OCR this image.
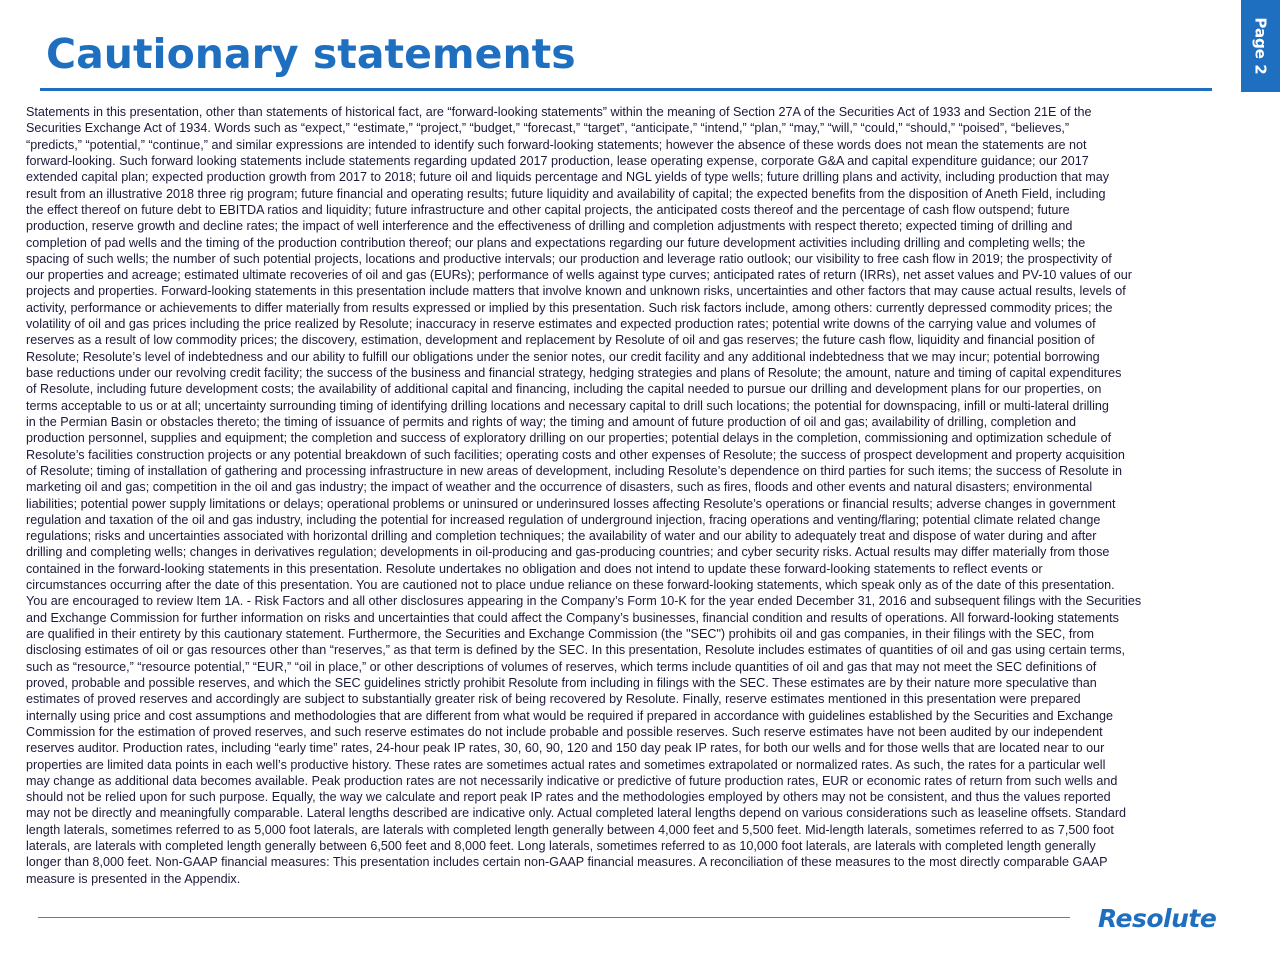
Cautionary statements	Page 2
Statements in this presentation, other than statements of historical fact, are “forward-looking statements” within the meaning of Section 27A of the Securities Act of 1933 and Section 21E of the
Securities Exchange Act of 1934. Words such as “expect,” “estimate,” “project,” “budget,” “forecast,” “target”, “anticipate,” “intend,” “plan,” “may,” “will,” “could,” “should,” “poised”, “believes,”
“predicts,” “potential,” “continue,” and similar expressions are intended to identify such forward-looking statements; however the absence of these words does not mean the statements are not
forward-looking. Such forward looking statements include statements regarding updated 2017 production, lease operating expense, corporate G&A and capital expenditure guidance; our 2017
extended capital plan; expected production growth from 2017 to 2018; future oil and liquids percentage and NGL yields of type wells; future drilling plans and activity, including production that may
result from an illustrative 2018 three rig program; future financial and operating results; future liquidity and availability of capital; the expected benefits from the disposition of Aneth Field, including
the effect thereof on future debt to EBITDA ratios and liquidity; future infrastructure and other capital projects, the anticipated costs thereof and the percentage of cash flow outspend; future
production, reserve growth and decline rates; the impact of well interference and the effectiveness of drilling and completion adjustments with respect thereto; expected timing of drilling and
completion of pad wells and the timing of the production contribution thereof; our plans and expectations regarding our future development activities including drilling and completing wells; the
spacing of such wells; the number of such potential projects, locations and productive intervals; our production and leverage ratio outlook; our visibility to free cash flow in 2019; the prospectivity of
our properties and acreage; estimated ultimate recoveries of oil and gas (EURs); performance of wells against type curves; anticipated rates of return (IRRs), net asset values and PV-10 values of our
projects and properties. Forward-looking statements in this presentation include matters that involve known and unknown risks, uncertainties and other factors that may cause actual results, levels of
activity, performance or achievements to differ materially from results expressed or implied by this presentation. Such risk factors include, among others: currently depressed commodity prices; the
volatility of oil and gas prices including the price realized by Resolute; inaccuracy in reserve estimates and expected production rates; potential write downs of the carrying value and volumes of
reserves as a result of low commodity prices; the discovery, estimation, development and replacement by Resolute of oil and gas reserves; the future cash flow, liquidity and financial position of
Resolute; Resolute’s level of indebtedness and our ability to fulfill our obligations under the senior notes, our credit facility and any additional indebtedness that we may incur; potential borrowing
base reductions under our revolving credit facility; the success of the business and financial strategy, hedging strategies and plans of Resolute; the amount, nature and timing of capital expenditures
of Resolute, including future development costs; the availability of additional capital and financing, including the capital needed to pursue our drilling and development plans for our properties, on
terms acceptable to us or at all; uncertainty surrounding timing of identifying drilling locations and necessary capital to drill such locations; the potential for downspacing, infill or multi-lateral drilling
in the Permian Basin or obstacles thereto; the timing of issuance of permits and rights of way; the timing and amount of future production of oil and gas; availability of drilling, completion and
production personnel, supplies and equipment; the completion and success of exploratory drilling on our properties; potential delays in the completion, commissioning and optimization schedule of
Resolute’s facilities construction projects or any potential breakdown of such facilities; operating costs and other expenses of Resolute; the success of prospect development and property acquisition
of Resolute; timing of installation of gathering and processing infrastructure in new areas of development, including Resolute’s dependence on third parties for such items; the success of Resolute in
marketing oil and gas; competition in the oil and gas industry; the impact of weather and the occurrence of disasters, such as fires, floods and other events and natural disasters; environmental
liabilities; potential power supply limitations or delays; operational problems or uninsured or underinsured losses affecting Resolute’s operations or financial results; adverse changes in government
regulation and taxation of the oil and gas industry, including the potential for increased regulation of underground injection, fracing operations and venting/flaring; potential climate related change
regulations; risks and uncertainties associated with horizontal drilling and completion techniques; the availability of water and our ability to adequately treat and dispose of water during and after
drilling and completing wells; changes in derivatives regulation; developments in oil-producing and gas-producing countries; and cyber security risks. Actual results may differ materially from those
contained in the forward-looking statements in this presentation. Resolute undertakes no obligation and does not intend to update these forward-looking statements to reflect events or
circumstances occurring after the date of this presentation. You are cautioned not to place undue reliance on these forward-looking statements, which speak only as of the date of this presentation.
You are encouraged to review Item 1A. - Risk Factors and all other disclosures appearing in the Company’s Form 10-K for the year ended December 31, 2016 and subsequent filings with the Securities
and Exchange Commission for further information on risks and uncertainties that could affect the Company’s businesses, financial condition and results of operations. All forward-looking statements
are qualified in their entirety by this cautionary statement. Furthermore, the Securities and Exchange Commission (the "SEC") prohibits oil and gas companies, in their filings with the SEC, from
disclosing estimates of oil or gas resources other than “reserves,” as that term is defined by the SEC. In this presentation, Resolute includes estimates of quantities of oil and gas using certain terms,
such as “resource,” “resource potential,” “EUR,” “oil in place,” or other descriptions of volumes of reserves, which terms include quantities of oil and gas that may not meet the SEC definitions of
proved, probable and possible reserves, and which the SEC guidelines strictly prohibit Resolute from including in filings with the SEC. These estimates are by their nature more speculative than
estimates of proved reserves and accordingly are subject to substantially greater risk of being recovered by Resolute. Finally, reserve estimates mentioned in this presentation were prepared
internally using price and cost assumptions and methodologies that are different from what would be required if prepared in accordance with guidelines established by the Securities and Exchange
Commission for the estimation of proved reserves, and such reserve estimates do not include probable and possible reserves. Such reserve estimates have not been audited by our independent
reserves auditor. Production rates, including “early time” rates, 24-hour peak IP rates, 30, 60, 90, 120 and 150 day peak IP rates, for both our wells and for those wells that are located near to our
properties are limited data points in each well’s productive history. These rates are sometimes actual rates and sometimes extrapolated or normalized rates. As such, the rates for a particular well
may change as additional data becomes available. Peak production rates are not necessarily indicative or predictive of future production rates, EUR or economic rates of return from such wells and
should not be relied upon for such purpose. Equally, the way we calculate and report peak IP rates and the methodologies employed by others may not be consistent, and thus the values reported
may not be directly and meaningfully comparable. Lateral lengths described are indicative only. Actual completed lateral lengths depend on various considerations such as leaseline offsets. Standard
length laterals, sometimes referred to as 5,000 foot laterals, are laterals with completed length generally between 4,000 feet and 5,500 feet. Mid-length laterals, sometimes referred to as 7,500 foot
laterals, are laterals with completed length generally between 6,500 feet and 8,000 feet. Long laterals, sometimes referred to as 10,000 foot laterals, are laterals with completed length generally
longer than 8,000 feet. Non-GAAP financial measures: This presentation includes certain non-GAAP financial measures. A reconciliation of these measures to the most directly comparable GAAP
measure is presented in the Appendix.
Resolute
